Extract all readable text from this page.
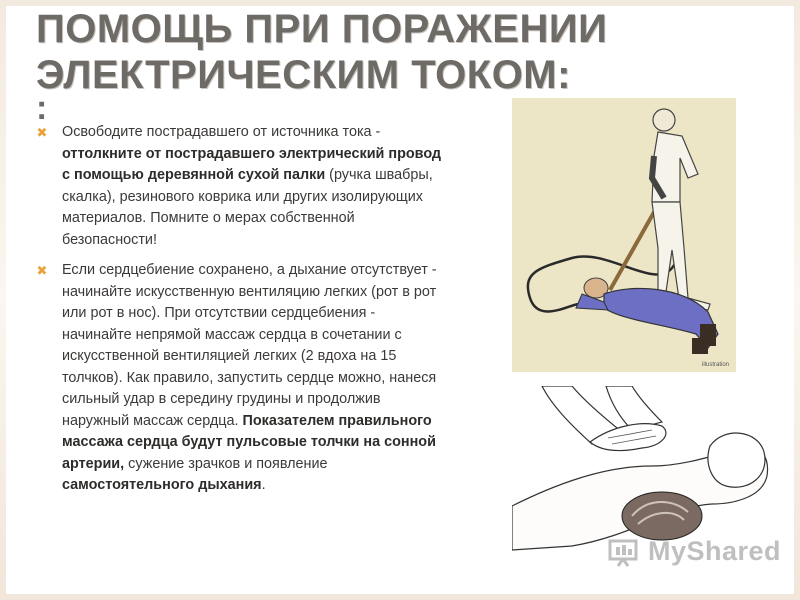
ПОМОЩЬ ПРИ ПОРАЖЕНИИ ЭЛЕКТРИЧЕСКИМ ТОКОМ:
:
✖ Освободите пострадавшего от источника тока - оттолкните от пострадавшего электрический провод с помощью деревянной сухой палки (ручка швабры, скалка), резинового коврика или других изолирующих материалов. Помните о мерах собственной безопасности!
✖ Если сердцебиение сохранено, а дыхание отсутствует - начинайте искусственную вентиляцию легких (рот в рот или рот в нос). При отсутствии сердцебиения - начинайте непрямой массаж сердца в сочетании с искусственной вентиляцией легких (2 вдоха на 15 толчков). Как правило, запустить сердце можно, нанеся сильный удар в середину грудины и продолжив наружный массаж сердца. Показателем правильного массажа сердца будут пульсовые толчки на сонной артерии, сужение зрачков и появление самостоятельного дыхания.
illustration
MyShared
